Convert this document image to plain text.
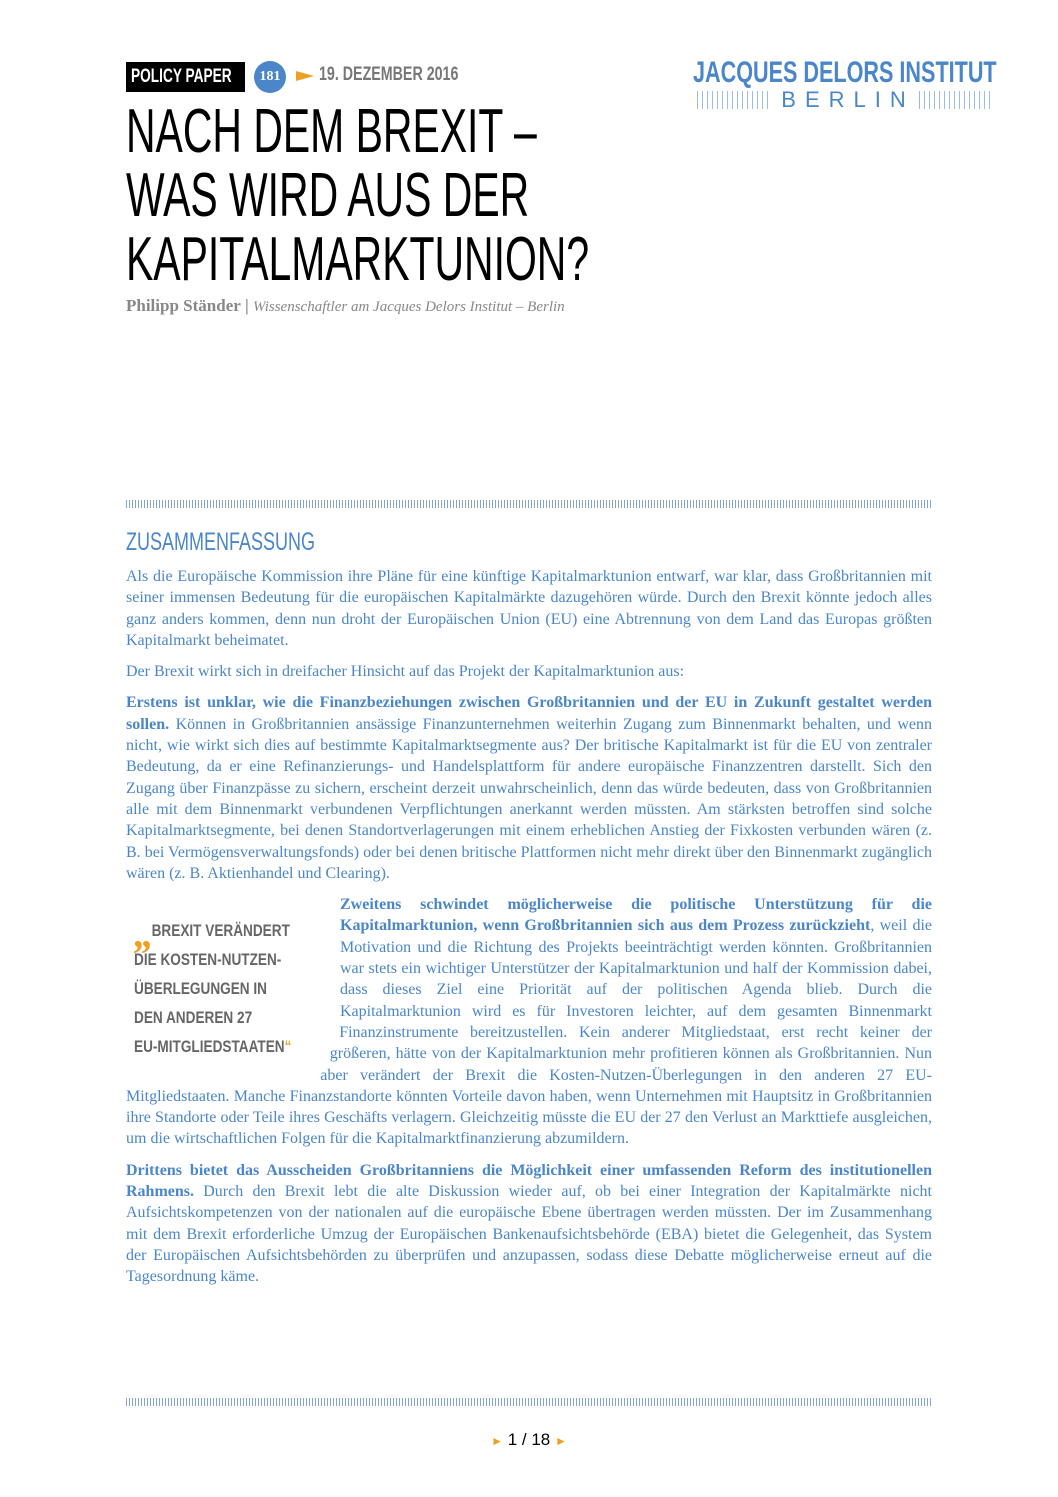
POLICY PAPER	181 19. DEZEMBER 2016	JACQUES DELORS INSTITUT
BERLIN
NACH DEM BREXIT –
WAS WIRD AUS DER
KAPITALMARKTUNION?
Philipp Ständer | Wissenschaftler am Jacques Delors Institut – Berlin
ZUSAMMENFASSUNG

Als die Europäische Kommission ihre Pläne für eine künftige Kapitalmarktunion entwarf, war klar, dass Großbritannien mit seiner immensen Bedeutung für die europäischen Kapitalmärkte dazugehören würde. Durch den Brexit könnte jedoch alles ganz anders kommen, denn nun droht der Europäischen Union (EU) eine Abtrennung von dem Land das Europas größten Kapitalmarkt beheimatet.

Der Brexit wirkt sich in dreifacher Hinsicht auf das Projekt der Kapitalmarktunion aus:

Erstens ist unklar, wie die Finanzbeziehungen zwischen Großbritannien und der EU in Zukunft gestaltet werden sollen. Können in Großbritannien ansässige Finanzunternehmen weiterhin Zugang zum Binnenmarkt behalten, und wenn nicht, wie wirkt sich dies auf bestimmte Kapitalmarktsegmente aus? Der britische Kapitalmarkt ist für die EU von zentraler Bedeutung, da er eine Refinanzierungs- und Handelsplattform für andere europäische Finanzzentren darstellt. Sich den Zugang über Finanzpässe zu sichern, erscheint derzeit unwahrscheinlich, denn das würde bedeuten, dass von Großbritannien alle mit dem Binnenmarkt verbundenen Verpflichtungen anerkannt werden müssten. Am stärksten betroffen sind solche Kapitalmarktsegmente, bei denen Standortverlagerungen mit einem erheblichen Anstieg der Fixkosten verbunden wären (z. B. bei Vermögensverwaltungsfonds) oder bei denen britische Plattformen nicht mehr direkt über den Binnenmarkt zugänglich wären (z. B. Aktienhandel und Clearing).

„
BREXIT VERÄNDERT
DIE KOSTEN-NUTZEN-
ÜBERLEGUNGEN IN
DEN ANDEREN 27
EU-MITGLIEDSTAATEN“

Zweitens schwindet möglicherweise die politische Unterstützung für die Kapitalmarktunion, wenn Großbritannien sich aus dem Prozess zurückzieht, weil die Motivation und die Richtung des Projekts beeinträchtigt werden könnten. Großbritannien war stets ein wichtiger Unterstützer der Kapitalmarktunion und half der Kommission dabei, dass dieses Ziel eine Priorität auf der politischen Agenda blieb. Durch die Kapitalmarktunion wird es für Investoren leichter, auf dem gesamten Binnenmarkt Finanzinstrumente bereitzustellen. Kein anderer Mitgliedstaat, erst recht keiner der größeren, hätte von der Kapitalmarktunion mehr profitieren können als Großbritannien. Nun aber verändert der Brexit die Kosten-Nutzen-Überlegungen in den anderen 27 EU-Mitgliedstaaten. Manche Finanzstandorte könnten Vorteile davon haben, wenn Unternehmen mit Hauptsitz in Großbritannien ihre Standorte oder Teile ihres Geschäfts verlagern. Gleichzeitig müsste die EU der 27 den Verlust an Markttiefe ausgleichen, um die wirtschaftlichen Folgen für die Kapitalmarktfinanzierung abzumildern.

Drittens bietet das Ausscheiden Großbritanniens die Möglichkeit einer umfassenden Reform des institutionellen Rahmens. Durch den Brexit lebt die alte Diskussion wieder auf, ob bei einer Integration der Kapitalmärkte nicht Aufsichtskompetenzen von der nationalen auf die europäische Ebene übertragen werden müssten. Der im Zusammenhang mit dem Brexit erforderliche Umzug der Europäischen Bankenaufsichtsbehörde (EBA) bietet die Gelegenheit, das System der Europäischen Aufsichtsbehörden zu überprüfen und anzupassen, sodass diese Debatte möglicherweise erneut auf die Tagesordnung käme.

► 1 / 18 ►
